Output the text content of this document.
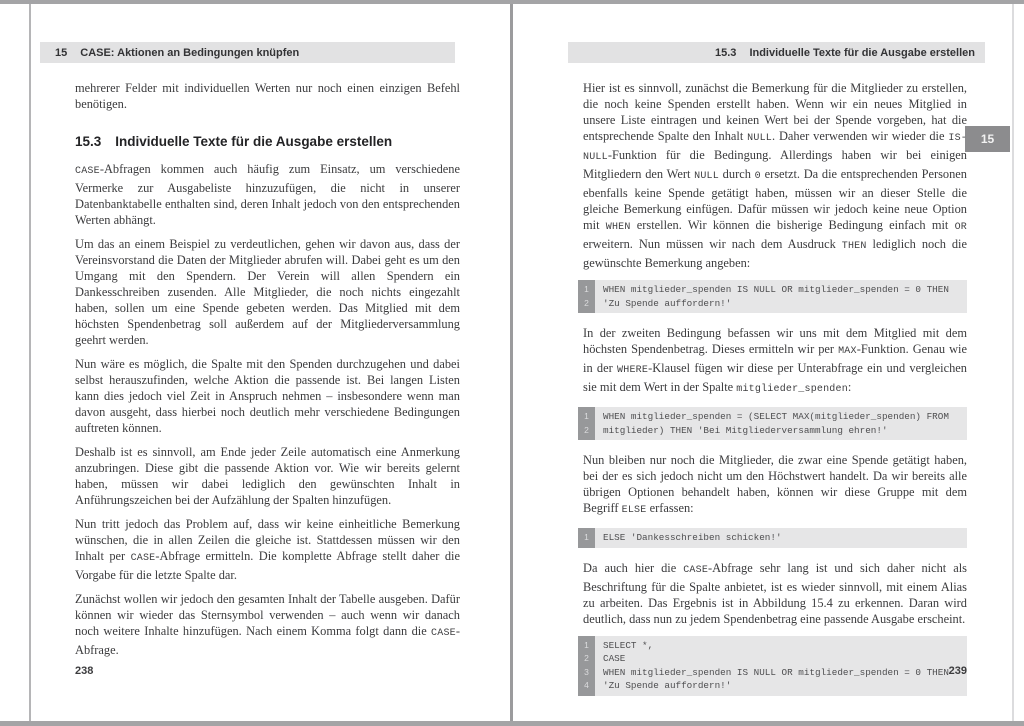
15 CASE: Aktionen an Bedingungen knüpfen

mehrerer Felder mit individuellen Werten nur noch einen einzigen Befehl benötigen.

15.3 Individuelle Texte für die Ausgabe erstellen

CASE-Abfragen kommen auch häufig zum Einsatz, um verschiedene Vermerke zur Ausgabeliste hinzuzufügen, die nicht in unserer Datenbanktabelle enthalten sind, deren Inhalt jedoch von den entsprechenden Werten abhängt.

Um das an einem Beispiel zu verdeutlichen, gehen wir davon aus, dass der Vereinsvorstand die Daten der Mitglieder abrufen will. Dabei geht es um den Umgang mit den Spendern. Der Verein will allen Spendern ein Dankesschreiben zusenden. Alle Mitglieder, die noch nichts eingezahlt haben, sollen um eine Spende gebeten werden. Das Mitglied mit dem höchsten Spendenbetrag soll außerdem auf der Mitgliederversammlung geehrt werden.

Nun wäre es möglich, die Spalte mit den Spenden durchzugehen und dabei selbst herauszufinden, welche Aktion die passende ist. Bei langen Listen kann dies jedoch viel Zeit in Anspruch nehmen – insbesondere wenn man davon ausgeht, dass hierbei noch deutlich mehr verschiedene Bedingungen auftreten können.

Deshalb ist es sinnvoll, am Ende jeder Zeile automatisch eine Anmerkung anzubringen. Diese gibt die passende Aktion vor. Wie wir bereits gelernt haben, müssen wir dabei lediglich den gewünschten Inhalt in Anführungszeichen bei der Aufzählung der Spalten hinzufügen.

Nun tritt jedoch das Problem auf, dass wir keine einheitliche Bemerkung wünschen, die in allen Zeilen die gleiche ist. Stattdessen müssen wir den Inhalt per CASE-Abfrage ermitteln. Die komplette Abfrage stellt daher die Vorgabe für die letzte Spalte dar.

Zunächst wollen wir jedoch den gesamten Inhalt der Tabelle ausgeben. Dafür können wir wieder das Sternsymbol verwenden – auch wenn wir danach noch weitere Inhalte hinzufügen. Nach einem Komma folgt dann die CASE-Abfrage.

238
15.3 Individuelle Texte für die Ausgabe erstellen
15

Hier ist es sinnvoll, zunächst die Bemerkung für die Mitglieder zu erstellen, die noch keine Spenden erstellt haben. Wenn wir ein neues Mitglied in unsere Liste eintragen und keinen Wert bei der Spende vorgeben, hat die entsprechende Spalte den Inhalt NULL. Daher verwenden wir wieder die IS-NULL-Funktion für die Bedingung. Allerdings haben wir bei einigen Mitgliedern den Wert NULL durch 0 ersetzt. Da die entsprechenden Personen ebenfalls keine Spende getätigt haben, müssen wir an dieser Stelle die gleiche Bemerkung einfügen. Dafür müssen wir jedoch keine neue Option mit WHEN erstellen. Wir können die bisherige Bedingung einfach mit OR erweitern. Nun müssen wir nach dem Ausdruck THEN lediglich noch die gewünschte Bemerkung angeben:

1
2
WHEN mitglieder_spenden IS NULL OR mitglieder_spenden = 0 THEN
'Zu Spende auffordern!'

In der zweiten Bedingung befassen wir uns mit dem Mitglied mit dem höchsten Spendenbetrag. Dieses ermitteln wir per MAX-Funktion. Genau wie in der WHERE-Klausel fügen wir diese per Unterabfrage ein und vergleichen sie mit dem Wert in der Spalte mitglieder_spenden:

1
2
WHEN mitglieder_spenden = (SELECT MAX(mitglieder_spenden) FROM
mitglieder) THEN 'Bei Mitgliederversammlung ehren!'

Nun bleiben nur noch die Mitglieder, die zwar eine Spende getätigt haben, bei der es sich jedoch nicht um den Höchstwert handelt. Da wir bereits alle übrigen Optionen behandelt haben, können wir diese Gruppe mit dem Begriff ELSE erfassen:

1	ELSE 'Dankesschreiben schicken!'

Da auch hier die CASE-Abfrage sehr lang ist und sich daher nicht als Beschriftung für die Spalte anbietet, ist es wieder sinnvoll, mit einem Alias zu arbeiten. Das Ergebnis ist in Abbildung 15.4 zu erkennen. Daran wird deutlich, dass nun zu jedem Spendenbetrag eine passende Ausgabe erscheint.

1
2
3
4
SELECT *,
CASE
WHEN mitglieder_spenden IS NULL OR mitglieder_spenden = 0 THEN
'Zu Spende auffordern!'
239
